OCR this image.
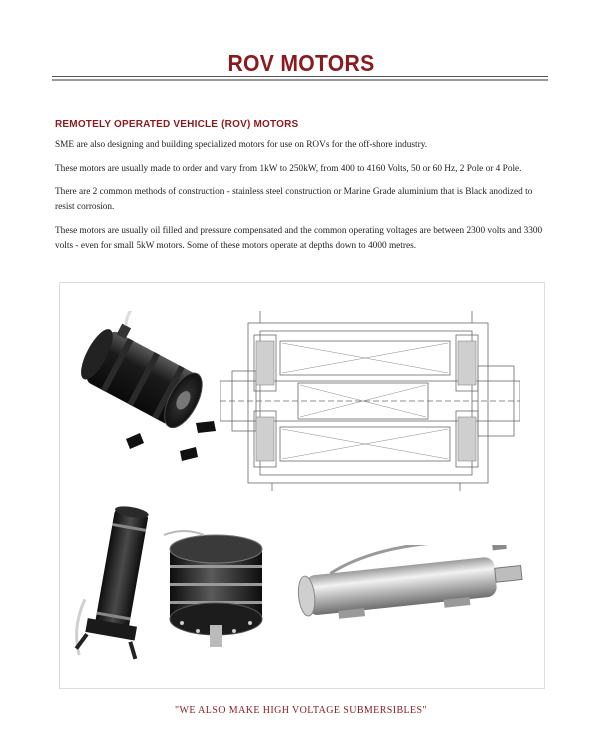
ROV MOTORS
REMOTELY OPERATED VEHICLE (ROV) MOTORS

SME are also designing and building specialized motors for use on ROVs for the off-shore industry.

These motors are usually made to order and vary from 1kW to 250kW, from 400 to 4160 Volts, 50 or 60 Hz, 2 Pole or 4 Pole.

There are 2 common methods of construction - stainless steel construction or Marine Grade aluminium that is Black anodized to resist corrosion.

These motors are usually oil filled and pressure compensated and the common operating voltages are between 2300 volts and 3300 volts - even for small 5kW motors. Some of these motors operate at depths down to 4000 metres.

"WE ALSO MAKE HIGH VOLTAGE SUBMERSIBLES"
